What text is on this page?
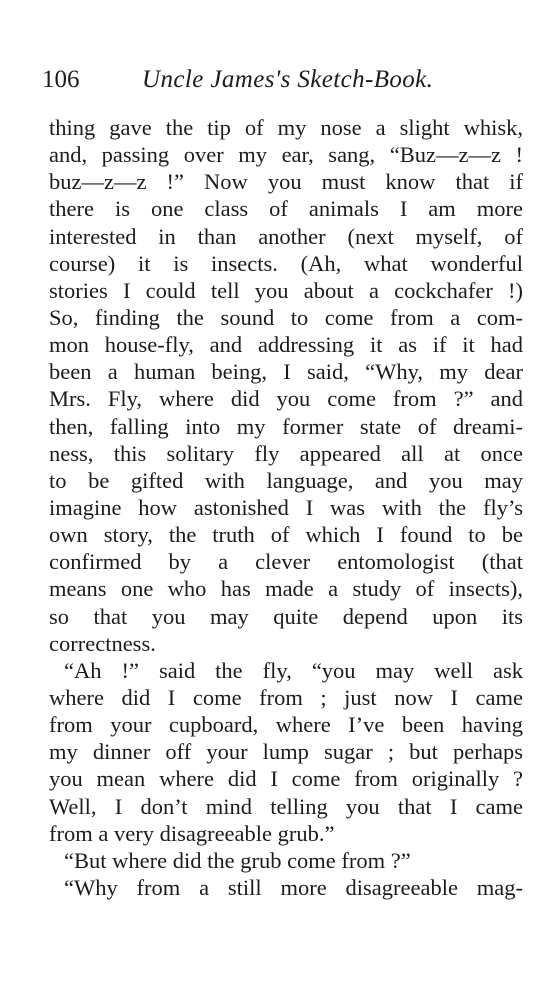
106	Uncle James's Sketch-Book.
thing gave the tip of my nose a slight whisk,
and, passing over my ear, sang, “Buz—z—z !
buz—z—z !” Now you must know that if
there is one class of animals I am more
interested in than another (next myself, of
course) it is insects. (Ah, what wonderful
stories I could tell you about a cockchafer !)
So, finding the sound to come from a com-
mon house-fly, and addressing it as if it had
been a human being, I said, “Why, my dear
Mrs. Fly, where did you come from ?” and
then, falling into my former state of dreami-
ness, this solitary fly appeared all at once
to be gifted with language, and you may
imagine how astonished I was with the fly’s
own story, the truth of which I found to be
confirmed by a clever entomologist (that
means one who has made a study of insects),
so that you may quite depend upon its
correctness.
“Ah !” said the fly, “you may well ask
where did I come from ; just now I came
from your cupboard, where I’ve been having
my dinner off your lump sugar ; but perhaps
you mean where did I come from originally ?
Well, I don’t mind telling you that I came
from a very disagreeable grub.”
“But where did the grub come from ?”
“Why from a still more disagreeable mag-
